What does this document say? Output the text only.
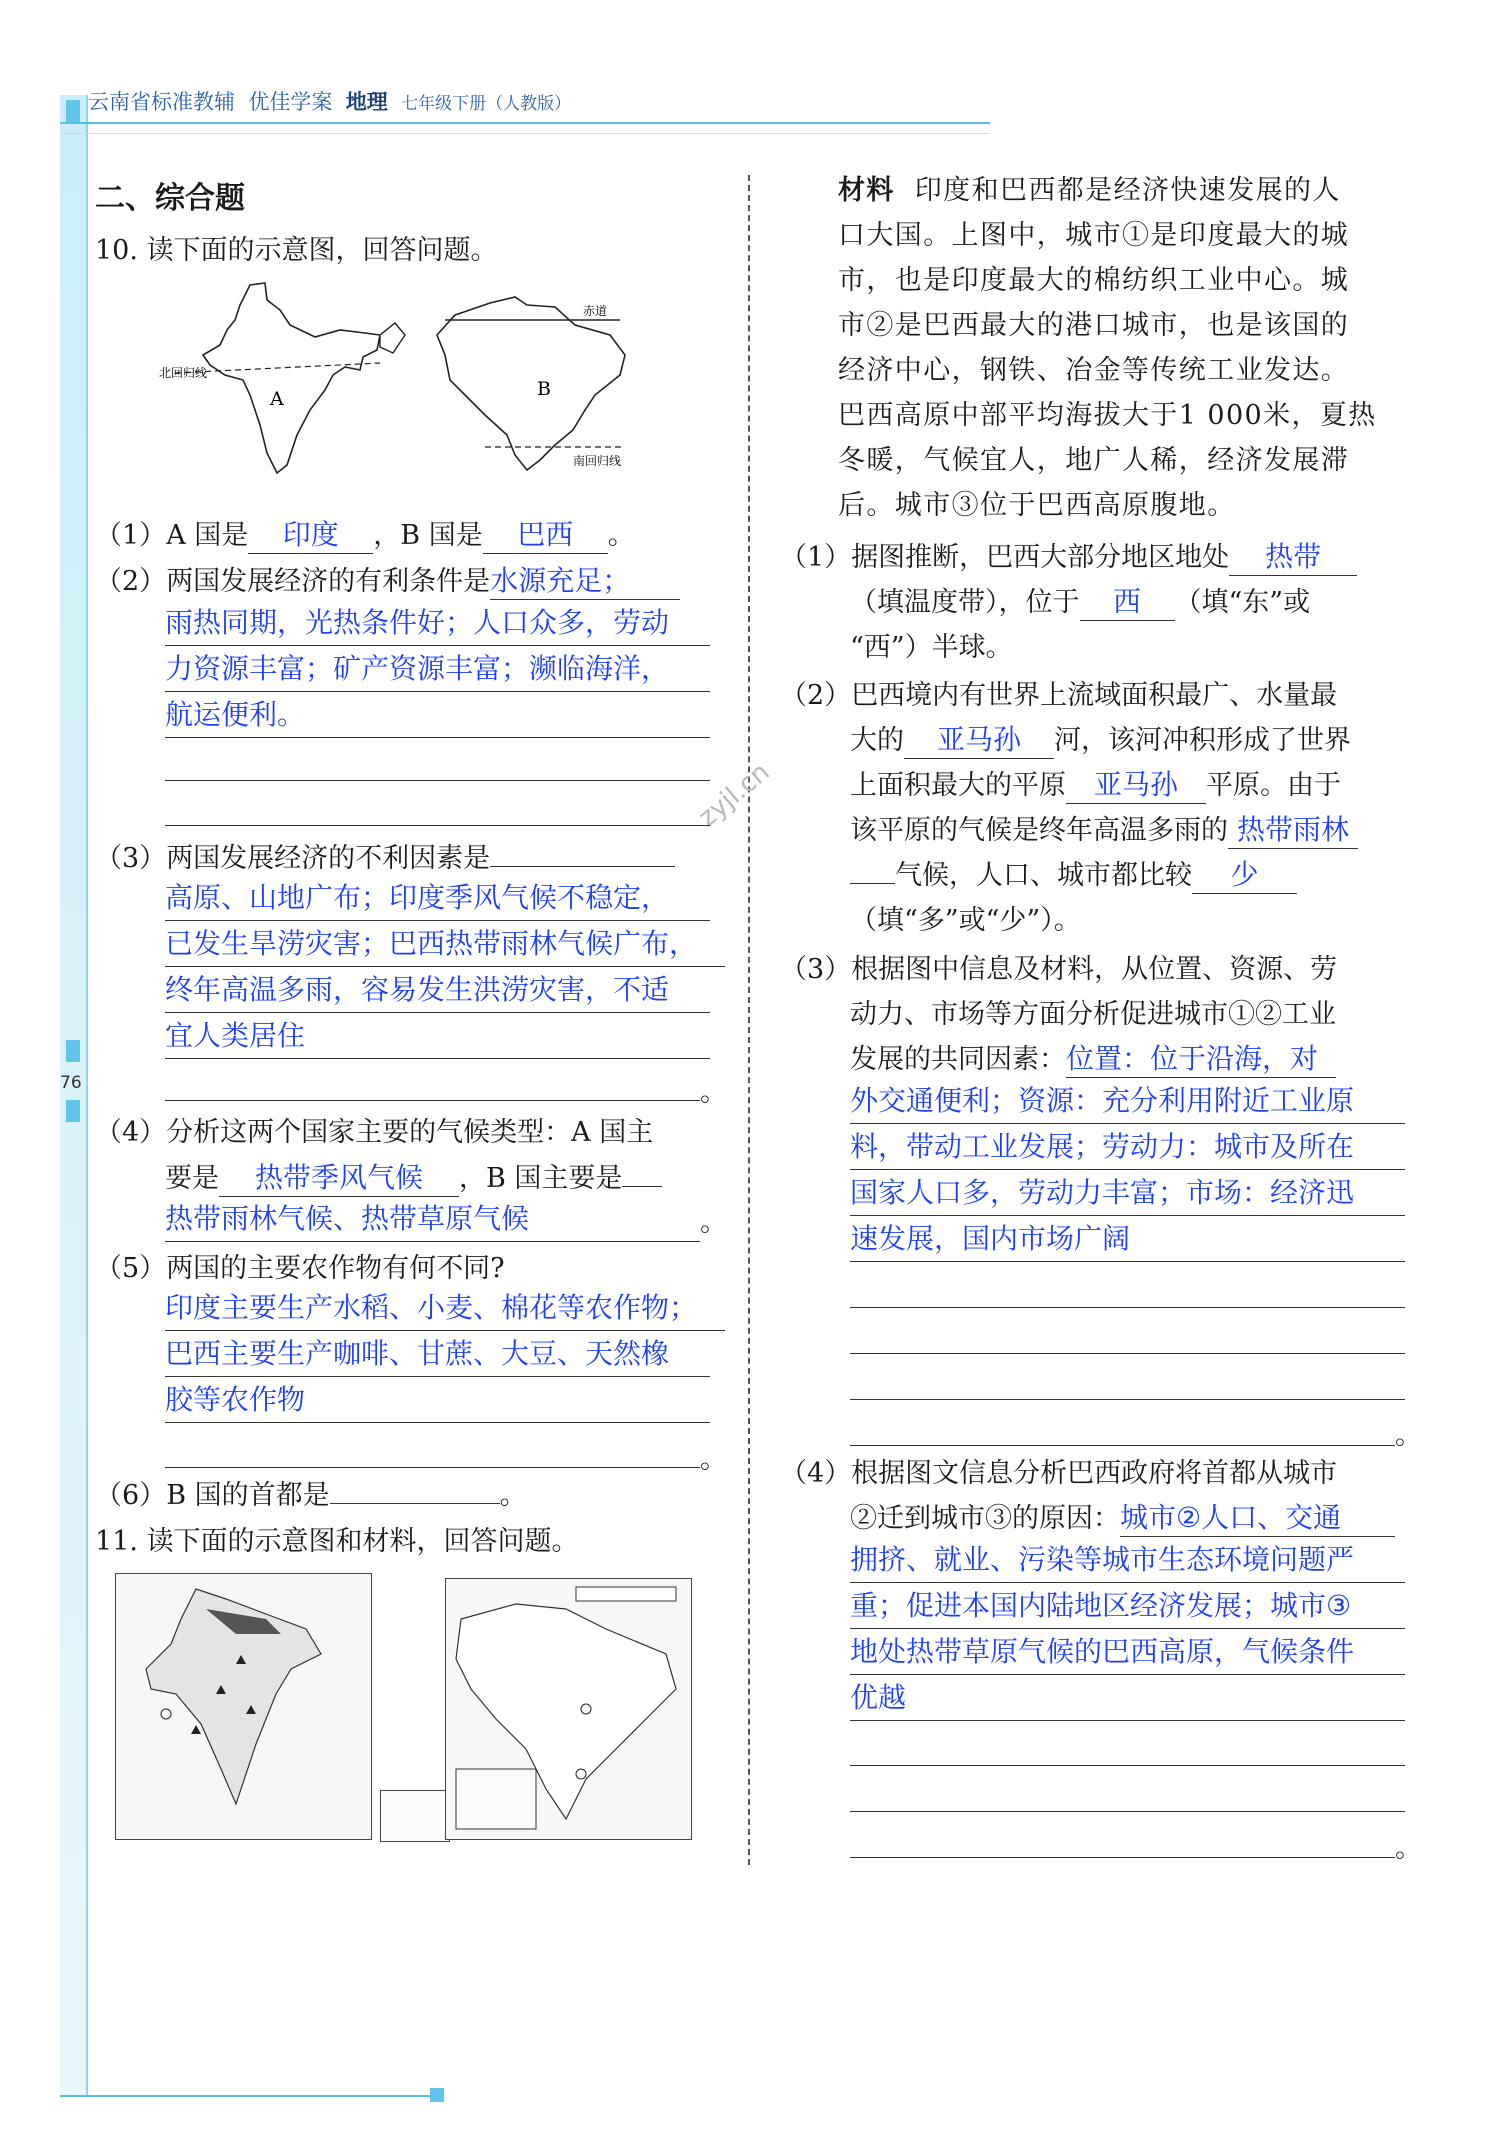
76
云南省标准教辅 优佳学案 地理 七年级下册（人教版）
zyjl.cn
二、综合题
10. 读下面的示意图，回答问题。
北回归线
A
赤道
B
南回归线
（1）A 国是 印度 ，B 国是 巴西 。
（2）两国发展经济的有利条件是水源充足；
雨热同期，光热条件好；人口众多，劳动
力资源丰富；矿产资源丰富；濒临海洋，
航运便利。
（3）两国发展经济的不利因素是
高原、山地广布；印度季风气候不稳定，
已发生旱涝灾害；巴西热带雨林气候广布，
终年高温多雨，容易发生洪涝灾害，不适
宜人类居住
。
（4）分析这两个国家主要的气候类型：A 国主
要是 热带季风气候 ，B 国主要是
热带雨林气候、热带草原气候	。
（5）两国的主要农作物有何不同?
印度主要生产水稻、小麦、棉花等农作物；
巴西主要生产咖啡、甘蔗、大豆、天然橡
胶等农作物
。
（6）B 国的首都是	。
11. 读下面的示意图和材料，回答问题。
材料 印度和巴西都是经济快速发展的人
口大国。上图中，城市①是印度最大的城
市，也是印度最大的棉纺织工业中心。城
市②是巴西最大的港口城市，也是该国的
经济中心，钢铁、冶金等传统工业发达。
巴西高原中部平均海拔大于1 000米，夏热
冬暖，气候宜人，地广人稀，经济发展滞
后。城市③位于巴西高原腹地。
（1）据图推断，巴西大部分地区地处 热带
（填温度带），位于 西 （填“东”或
“西”）半球。
（2）巴西境内有世界上流域面积最广、水量最
大的 亚马孙 河，该河冲积形成了世界
上面积最大的平原 亚马孙 平原。由于
该平原的气候是终年高温多雨的 热带雨林
气候，人口、城市都比较 少
（填“多”或“少”）。
（3）根据图中信息及材料，从位置、资源、劳
动力、市场等方面分析促进城市①②工业
发展的共同因素：位置：位于沿海，对
外交通便利；资源：充分利用附近工业原
料，带动工业发展；劳动力：城市及所在
国家人口多，劳动力丰富；市场：经济迅
速发展，国内市场广阔
。
（4）根据图文信息分析巴西政府将首都从城市
②迁到城市③的原因：城市②人口、交通
拥挤、就业、污染等城市生态环境问题严
重；促进本国内陆地区经济发展；城市③
地处热带草原气候的巴西高原，气候条件
优越
。
